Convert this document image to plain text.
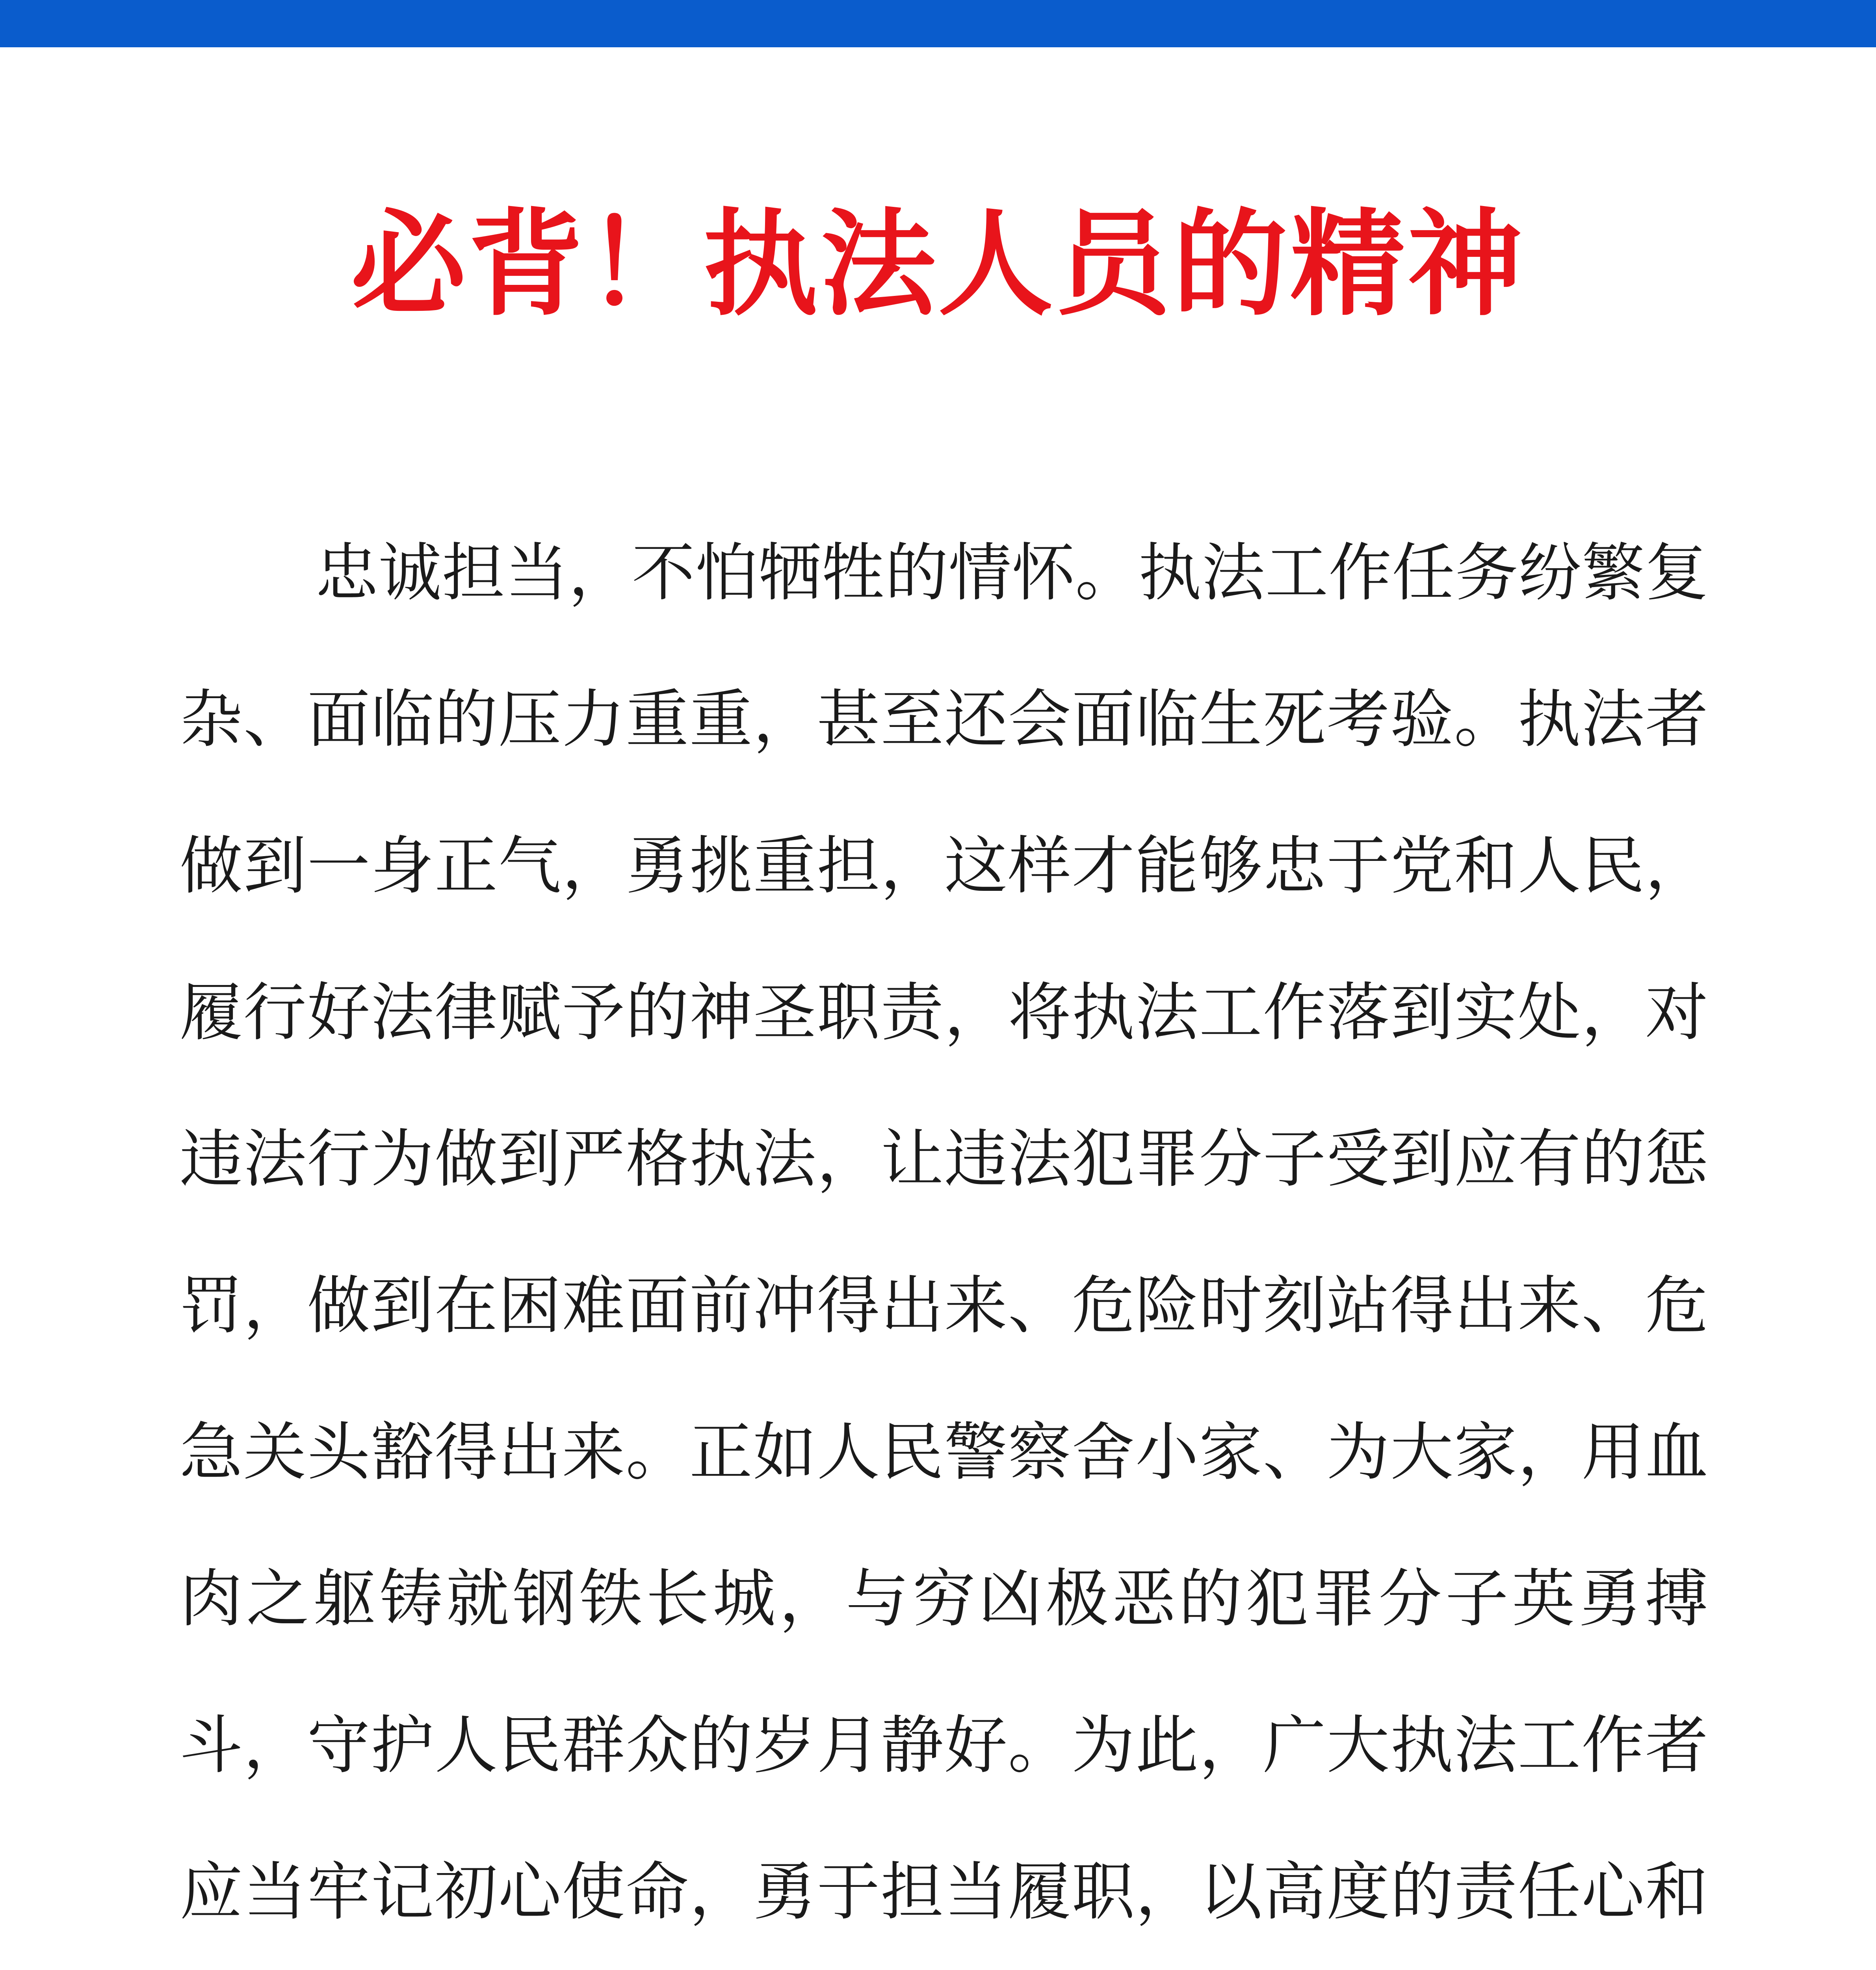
必背！执法人员的精神

忠诚担当，不怕牺牲的情怀。执法工作任务纷繁复杂、面临的压力重重，甚至还会面临生死考验。执法者做到一身正气，勇挑重担，这样才能够忠于党和人民，履行好法律赋予的神圣职责，将执法工作落到实处，对违法行为做到严格执法，让违法犯罪分子受到应有的惩罚，做到在困难面前冲得出来、危险时刻站得出来、危急关头豁得出来。正如人民警察舍小家、为大家，用血肉之躯铸就钢铁长城，与穷凶极恶的犯罪分子英勇搏斗，守护人民群众的岁月静好。为此，广大执法工作者应当牢记初心使命，勇于担当履职，以高度的责任心和
